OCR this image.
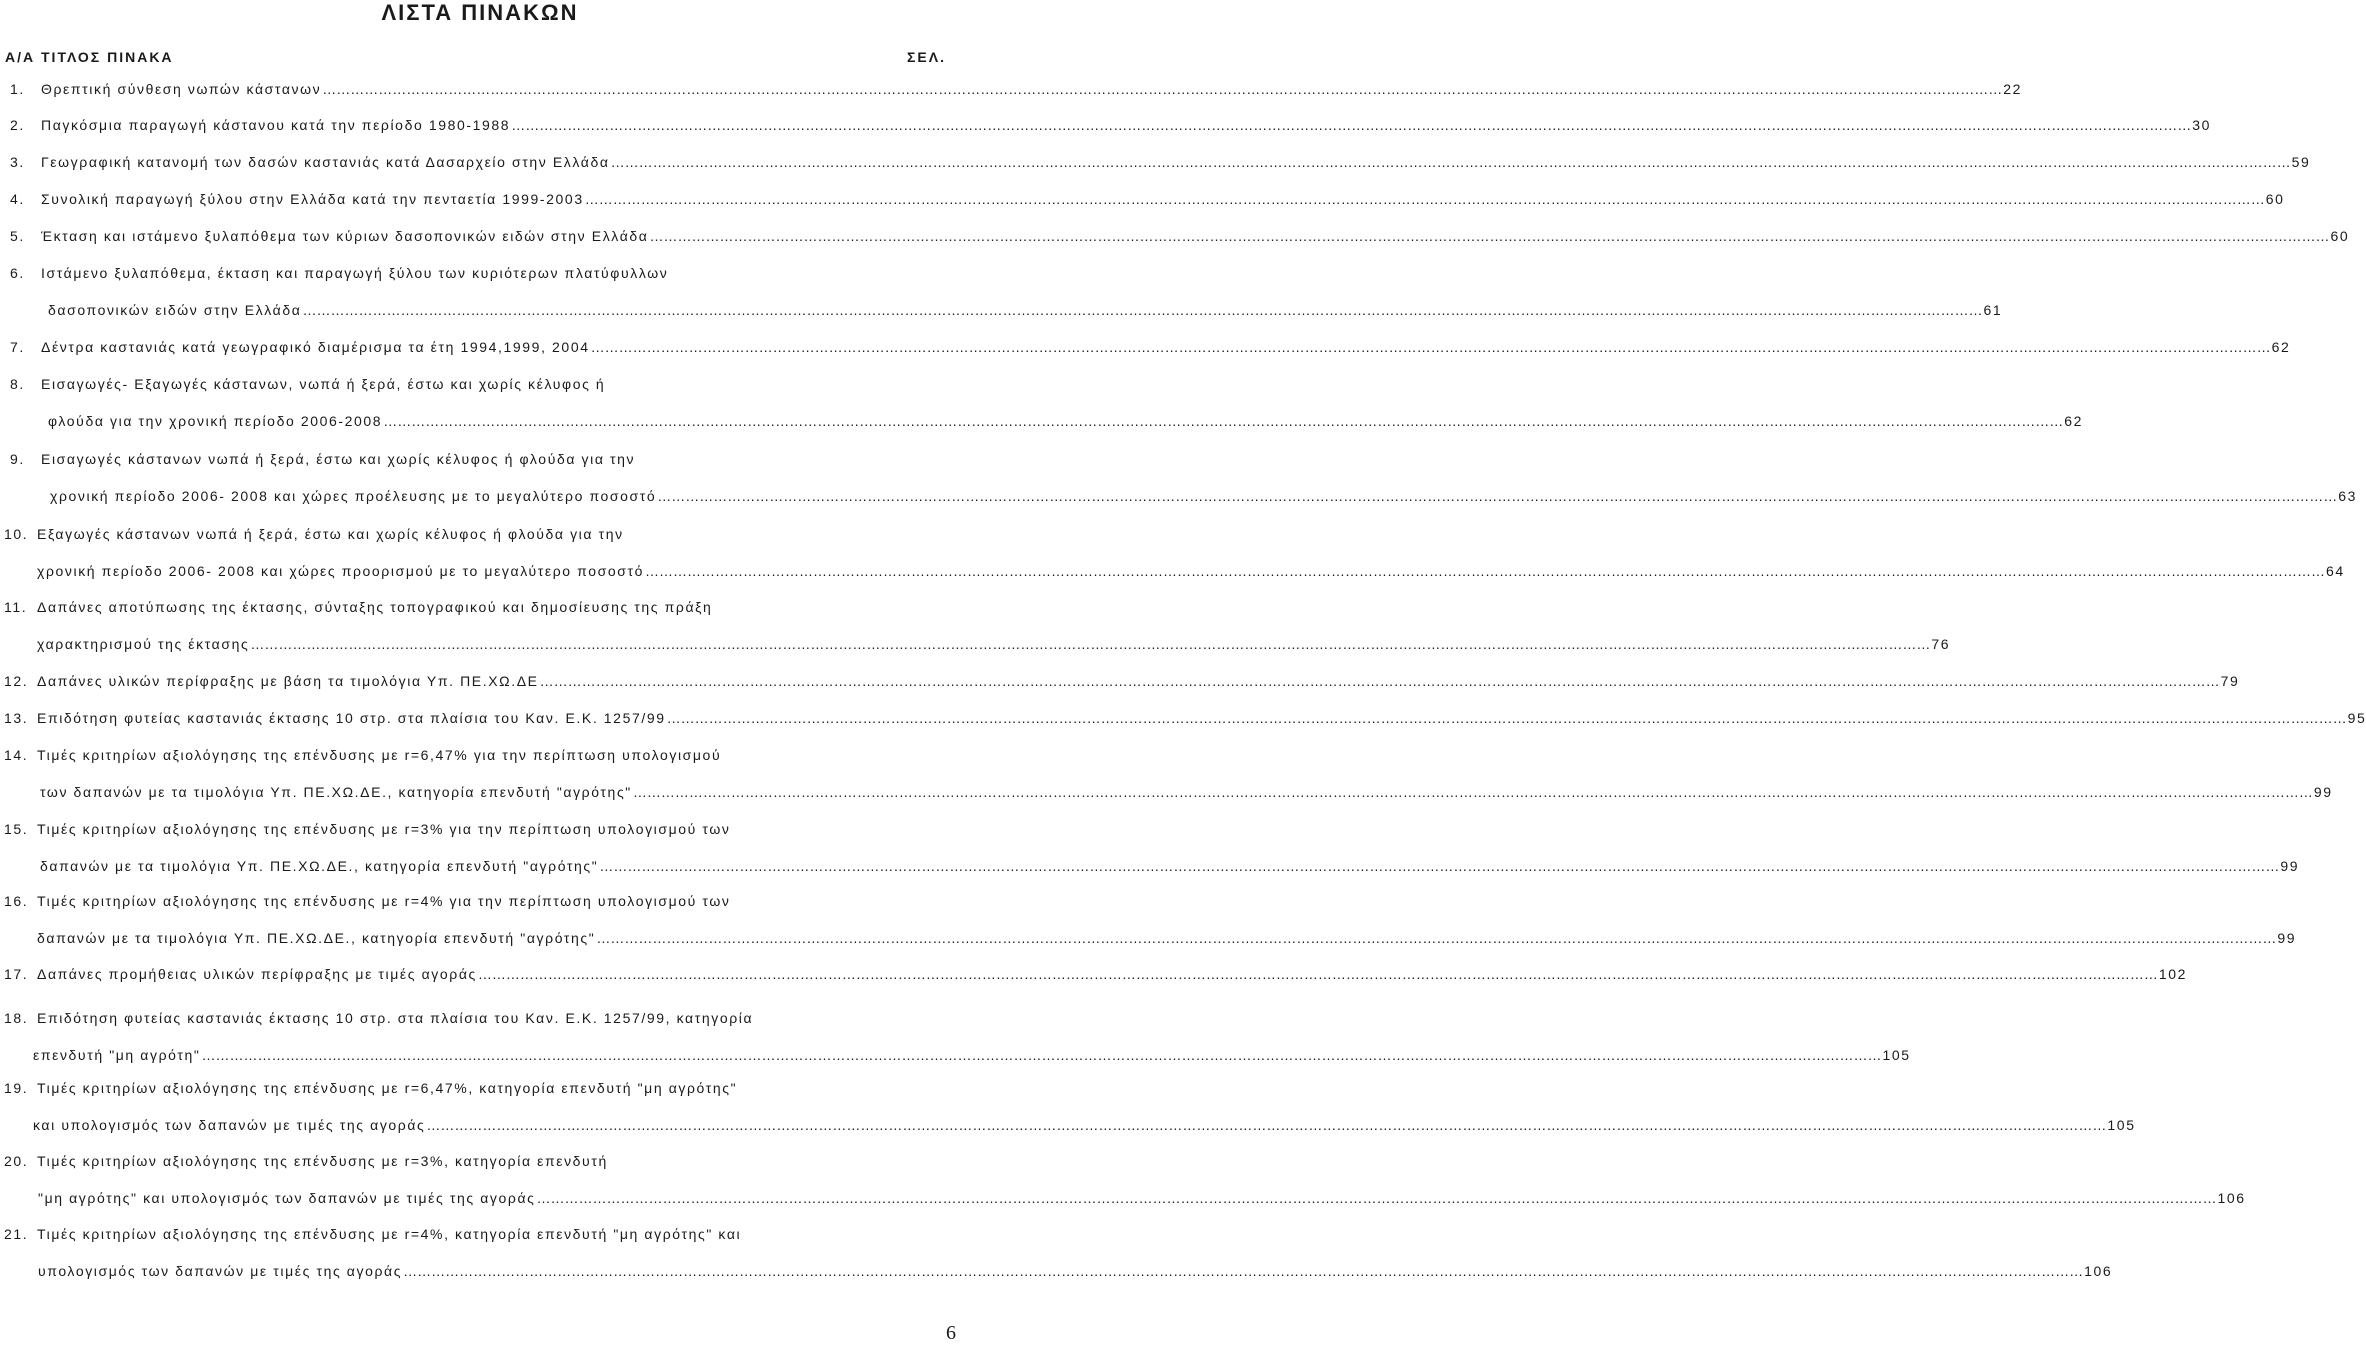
ΛΙΣΤΑ ΠΙΝΑΚΩΝ
Α/Α ΤΙΤΛΟΣ ΠΙΝΑΚΑ	ΣΕΛ.
1. Θρεπτική σύνθεση νωπών κάστανων ……………………………………………………………………………………………………………………………………………………………………………………………………………………………………………………………………………………………………………………………… 22
2. Παγκόσμια παραγωγή κάστανου κατά την περίοδο 1980-1988 ……………………………………………………………………………………………………………………………………………………………………………………………………………………………………………………………………………………………………………………………… 30
3. Γεωγραφική κατανομή των δασών καστανιάς κατά Δασαρχείο στην Ελλάδα ……………………………………………………………………………………………………………………………………………………………………………………………………………………………………………………………………………………………………………………………… 59
4. Συνολική παραγωγή ξύλου στην Ελλάδα κατά την πενταετία 1999-2003 ……………………………………………………………………………………………………………………………………………………………………………………………………………………………………………………………………………………………………………………………… 60
5. Έκταση και ιστάμενο ξυλαπόθεμα των κύριων δασοπονικών ειδών στην Ελλάδα ……………………………………………………………………………………………………………………………………………………………………………………………………………………………………………………………………………………………………………………………… 60
6. Ιστάμενο ξυλαπόθεμα, έκταση και παραγωγή ξύλου των κυριότερων πλατύφυλλων
δασοπονικών ειδών στην Ελλάδα ……………………………………………………………………………………………………………………………………………………………………………………………………………………………………………………………………………………………………………………………… 61
7. Δέντρα καστανιάς κατά γεωγραφικό διαμέρισμα τα έτη 1994,1999, 2004 ……………………………………………………………………………………………………………………………………………………………………………………………………………………………………………………………………………………………………………………………… 62
8. Εισαγωγές- Εξαγωγές κάστανων, νωπά ή ξερά, έστω και χωρίς κέλυφος ή
φλούδα για την χρονική περίοδο 2006-2008 ……………………………………………………………………………………………………………………………………………………………………………………………………………………………………………………………………………………………………………………………… 62
9. Εισαγωγές κάστανων νωπά ή ξερά, έστω και χωρίς κέλυφος ή φλούδα για την
χρονική περίοδο 2006- 2008 και χώρες προέλευσης με το μεγαλύτερο ποσοστό ……………………………………………………………………………………………………………………………………………………………………………………………………………………………………………………………………………………………………………………………… 63
10. Εξαγωγές κάστανων νωπά ή ξερά, έστω και χωρίς κέλυφος ή φλούδα για την
χρονική περίοδο 2006- 2008 και χώρες προορισμού με το μεγαλύτερο ποσοστό ……………………………………………………………………………………………………………………………………………………………………………………………………………………………………………………………………………………………………………………………… 64
11. Δαπάνες αποτύπωσης της έκτασης, σύνταξης τοπογραφικού και δημοσίευσης της πράξη
χαρακτηρισμού της έκτασης ……………………………………………………………………………………………………………………………………………………………………………………………………………………………………………………………………………………………………………………………… 76
12. Δαπάνες υλικών περίφραξης με βάση τα τιμολόγια Υπ. ΠΕ.ΧΩ.ΔΕ ……………………………………………………………………………………………………………………………………………………………………………………………………………………………………………………………………………………………………………………………… 79
13. Επιδότηση φυτείας καστανιάς έκτασης 10 στρ. στα πλαίσια του Καν. Ε.Κ. 1257/99 ……………………………………………………………………………………………………………………………………………………………………………………………………………………………………………………………………………………………………………………………… 95
14. Τιμές κριτηρίων αξιολόγησης της επένδυσης με r=6,47% για την περίπτωση υπολογισμού
των δαπανών με τα τιμολόγια Υπ. ΠΕ.ΧΩ.ΔΕ., κατηγορία επενδυτή "αγρότης" ……………………………………………………………………………………………………………………………………………………………………………………………………………………………………………………………………………………………………………………………… 99
15. Τιμές κριτηρίων αξιολόγησης της επένδυσης με r=3% για την περίπτωση υπολογισμού των
δαπανών με τα τιμολόγια Υπ. ΠΕ.ΧΩ.ΔΕ., κατηγορία επενδυτή "αγρότης" ……………………………………………………………………………………………………………………………………………………………………………………………………………………………………………………………………………………………………………………………… 99
16. Τιμές κριτηρίων αξιολόγησης της επένδυσης με r=4% για την περίπτωση υπολογισμού των
δαπανών με τα τιμολόγια Υπ. ΠΕ.ΧΩ.ΔΕ., κατηγορία επενδυτή "αγρότης" ……………………………………………………………………………………………………………………………………………………………………………………………………………………………………………………………………………………………………………………………… 99
17. Δαπάνες προμήθειας υλικών περίφραξης με τιμές αγοράς ……………………………………………………………………………………………………………………………………………………………………………………………………………………………………………………………………………………………………………………………… 102
18. Επιδότηση φυτείας καστανιάς έκτασης 10 στρ. στα πλαίσια του Καν. Ε.Κ. 1257/99, κατηγορία
επενδυτή "μη αγρότη" ……………………………………………………………………………………………………………………………………………………………………………………………………………………………………………………………………………………………………………………………… 105
19. Τιμές κριτηρίων αξιολόγησης της επένδυσης με r=6,47%, κατηγορία επενδυτή "μη αγρότης"
και υπολογισμός των δαπανών με τιμές της αγοράς ……………………………………………………………………………………………………………………………………………………………………………………………………………………………………………………………………………………………………………………………… 105
20. Τιμές κριτηρίων αξιολόγησης της επένδυσης με r=3%, κατηγορία επενδυτή
"μη αγρότης" και υπολογισμός των δαπανών με τιμές της αγοράς ……………………………………………………………………………………………………………………………………………………………………………………………………………………………………………………………………………………………………………………………… 106
21. Τιμές κριτηρίων αξιολόγησης της επένδυσης με r=4%, κατηγορία επενδυτή "μη αγρότης" και
υπολογισμός των δαπανών με τιμές της αγοράς ……………………………………………………………………………………………………………………………………………………………………………………………………………………………………………………………………………………………………………………………… 106
6
